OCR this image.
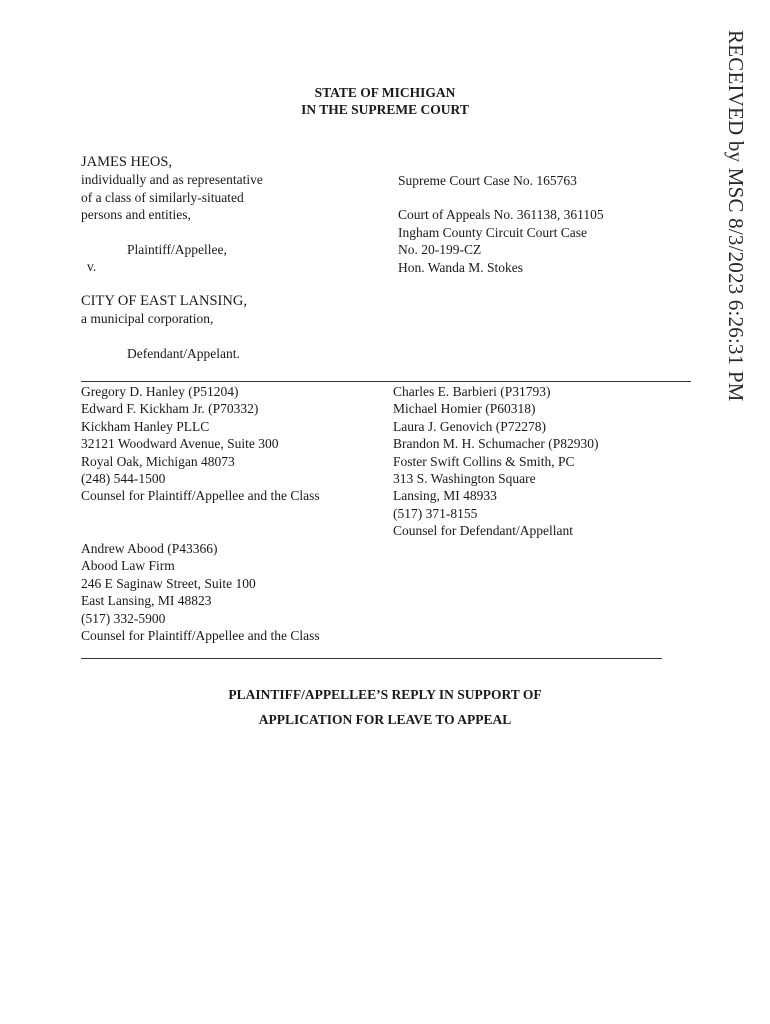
STATE OF MICHIGAN
IN THE SUPREME COURT
JAMES HEOS,
individually and as representative
of a class of similarly-situated
persons and entities,
Plaintiff/Appellee,
v.
CITY OF EAST LANSING,
a municipal corporation,
Defendant/Appelant.
Supreme Court Case No. 165763
Court of Appeals No. 361138, 361105
Ingham County Circuit Court Case
No. 20-199-CZ
Hon. Wanda M. Stokes
Gregory D. Hanley (P51204)
Edward F. Kickham Jr. (P70332)
Kickham Hanley PLLC
32121 Woodward Avenue, Suite 300
Royal Oak, Michigan 48073
(248) 544-1500
Counsel for Plaintiff/Appellee and the Class
Charles E. Barbieri (P31793)
Michael Homier (P60318)
Laura J. Genovich (P72278)
Brandon M. H. Schumacher (P82930)
Foster Swift Collins & Smith, PC
313 S. Washington Square
Lansing, MI 48933
(517) 371-8155
Counsel for Defendant/Appellant
Andrew Abood (P43366)
Abood Law Firm
246 E Saginaw Street, Suite 100
East Lansing, MI 48823
(517) 332-5900
Counsel for Plaintiff/Appellee and the Class
PLAINTIFF/APPELLEE’S REPLY IN SUPPORT OF
APPLICATION FOR LEAVE TO APPEAL
RECEIVED by MSC 8/3/2023 6:26:31 PM
